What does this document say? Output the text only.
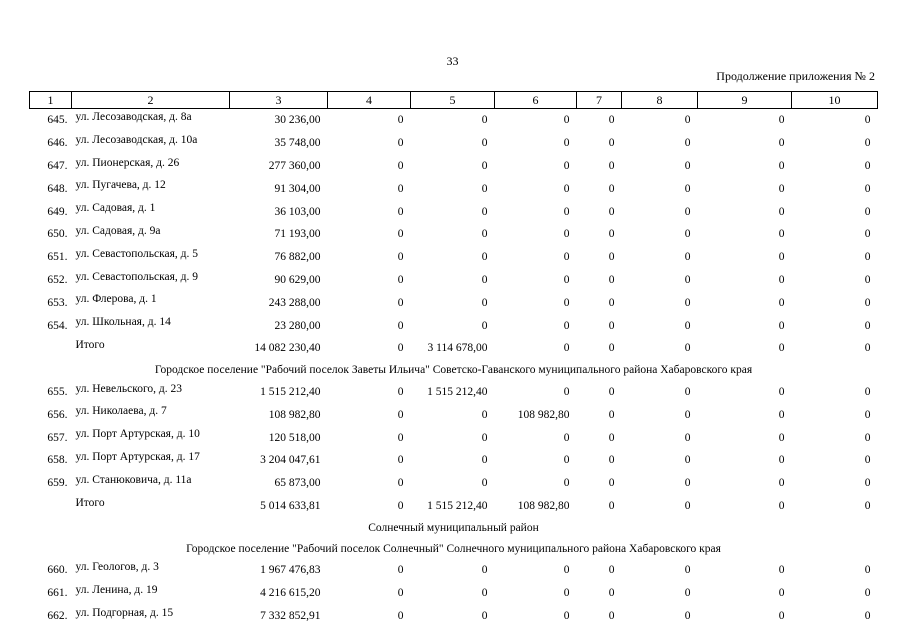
33
Продолжение приложения № 2
1	2	3	4	5	6	7	8	9	10
645.	ул. Лесозаводская, д. 8а	30 236,00	0	0	0	0	0	0	0
646.	ул. Лесозаводская, д. 10а	35 748,00	0	0	0	0	0	0	0
647.	ул. Пионерская, д. 26	277 360,00	0	0	0	0	0	0	0
648.	ул. Пугачева, д. 12	91 304,00	0	0	0	0	0	0	0
649.	ул. Садовая, д. 1	36 103,00	0	0	0	0	0	0	0
650.	ул. Садовая, д. 9а	71 193,00	0	0	0	0	0	0	0
651.	ул. Севастопольская, д. 5	76 882,00	0	0	0	0	0	0	0
652.	ул. Севастопольская, д. 9	90 629,00	0	0	0	0	0	0	0
653.	ул. Флерова, д. 1	243 288,00	0	0	0	0	0	0	0
654.	ул. Школьная, д. 14	23 280,00	0	0	0	0	0	0	0
	Итого	14 082 230,40	0	3 114 678,00	0	0	0	0	0
Городское поселение "Рабочий поселок Заветы Ильича" Советско-Гаванского муниципального района Хабаровского края									
655.	ул. Невельского, д. 23	1 515 212,40	0	1 515 212,40	0	0	0	0	0
656.	ул. Николаева, д. 7	108 982,80	0	0	108 982,80	0	0	0	0
657.	ул. Порт Артурская, д. 10	120 518,00	0	0	0	0	0	0	0
658.	ул. Порт Артурская, д. 17	3 204 047,61	0	0	0	0	0	0	0
659.	ул. Станюковича, д. 11а	65 873,00	0	0	0	0	0	0	0
	Итого	5 014 633,81	0	1 515 212,40	108 982,80	0	0	0	0
Солнечный муниципальный район									
Городское поселение "Рабочий поселок Солнечный" Солнечного муниципального района Хабаровского края									
660.	ул. Геологов, д. 3	1 967 476,83	0	0	0	0	0	0	0
661.	ул. Ленина, д. 19	4 216 615,20	0	0	0	0	0	0	0
662.	ул. Подгорная, д. 15	7 332 852,91	0	0	0	0	0	0	0
